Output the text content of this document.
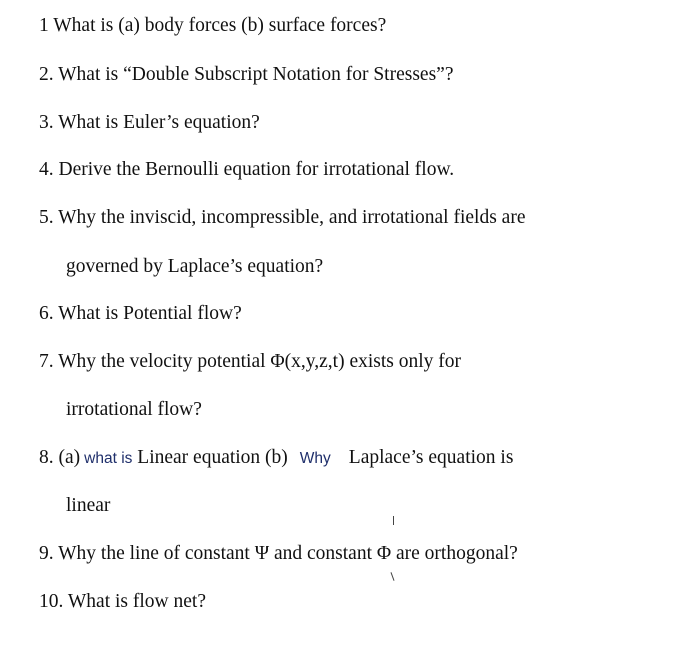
1 What is (a) body forces (b) surface forces?
2. What is “Double Subscript Notation for Stresses”?
3. What is Euler’s equation?
4. Derive the Bernoulli equation for irrotational flow.
5. Why the inviscid, incompressible, and irrotational fields are
governed by Laplace’s equation?
6. What is Potential flow?
7. Why the velocity potential Φ(x,y,z,t) exists only for
irrotational flow?
8. (a) what is Linear equation (b) Why Laplace’s equation is
linear
9. Why the line of constant Ψ and constant Φ are orthogonal?
10. What is flow net?
